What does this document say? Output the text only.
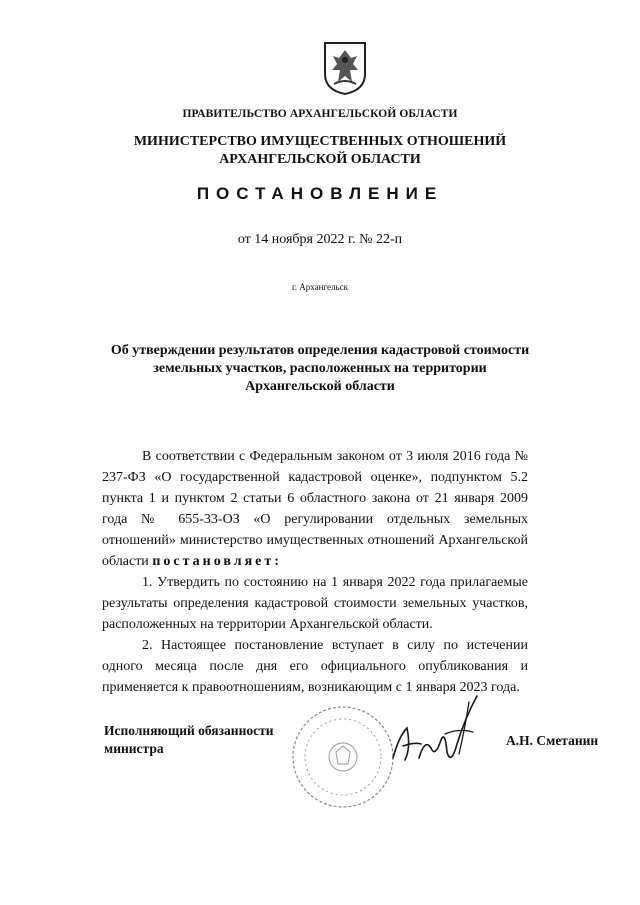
ПРАВИТЕЛЬСТВО АРХАНГЕЛЬСКОЙ ОБЛАСТИ
МИНИСТЕРСТВО ИМУЩЕСТВЕННЫХ ОТНОШЕНИЙ
АРХАНГЕЛЬСКОЙ ОБЛАСТИ
ПОСТАНОВЛЕНИЕ
от 14 ноября 2022 г. № 22-п
г. Архангельск
Об утверждении результатов определения кадастровой стоимости
земельных участков, расположенных на территории
Архангельской области

В соответствии с Федеральным законом от 3 июля 2016 года № 237-ФЗ «О государственной кадастровой оценке», подпунктом 5.2 пункта 1 и пунктом 2 статьи 6 областного закона от 21 января 2009 года № 655-33-ОЗ «О регулировании отдельных земельных отношений» министерство имущественных отношений Архангельской области постановляет:

1. Утвердить по состоянию на 1 января 2022 года прилагаемые результаты определения кадастровой стоимости земельных участков, расположенных на территории Архангельской области.

2. Настоящее постановление вступает в силу по истечении одного месяца после дня его официального опубликования и применяется к правоотношениям, возникающим с 1 января 2023 года.

Исполняющий обязанности
министра
А.Н. Сметанин
